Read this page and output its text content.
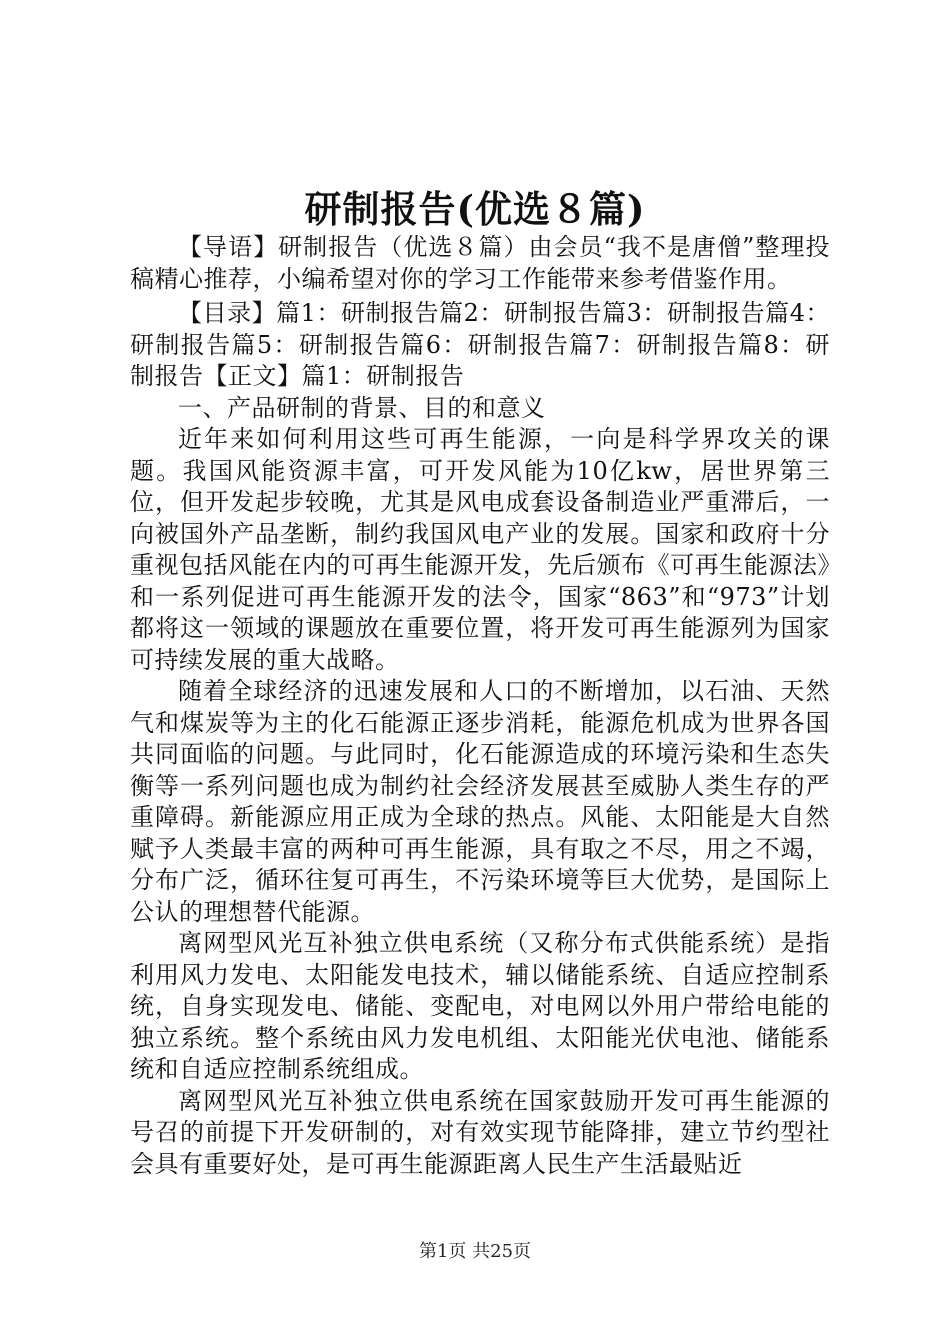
研制报告(优选８篇)

【导语】研制报告（优选８篇）由会员“我不是唐僧”整理投稿精心推荐，小编希望对你的学习工作能带来参考借鉴作用。

【目录】篇1：研制报告篇2：研制报告篇3：研制报告篇4：研制报告篇5：研制报告篇6：研制报告篇7：研制报告篇8：研制报告【正文】篇1：研制报告

一、产品研制的背景、目的和意义

近年来如何利用这些可再生能源，一向是科学界攻关的课题。我国风能资源丰富，可开发风能为10亿kw，居世界第三位，但开发起步较晚，尤其是风电成套设备制造业严重滞后，一向被国外产品垄断，制约我国风电产业的发展。国家和政府十分重视包括风能在内的可再生能源开发，先后颁布《可再生能源法》和一系列促进可再生能源开发的法令，国家“863”和“973”计划都将这一领域的课题放在重要位置，将开发可再生能源列为国家可持续发展的重大战略。

随着全球经济的迅速发展和人口的不断增加，以石油、天然气和煤炭等为主的化石能源正逐步消耗，能源危机成为世界各国共同面临的问题。与此同时，化石能源造成的环境污染和生态失衡等一系列问题也成为制约社会经济发展甚至威胁人类生存的严重障碍。新能源应用正成为全球的热点。风能、太阳能是大自然赋予人类最丰富的两种可再生能源，具有取之不尽，用之不竭，分布广泛，循环往复可再生，不污染环境等巨大优势，是国际上公认的理想替代能源。

离网型风光互补独立供电系统（又称分布式供能系统）是指利用风力发电、太阳能发电技术，辅以储能系统、自适应控制系统，自身实现发电、储能、变配电，对电网以外用户带给电能的独立系统。整个系统由风力发电机组、太阳能光伏电池、储能系统和自适应控制系统组成。

离网型风光互补独立供电系统在国家鼓励开发可再生能源的号召的前提下开发研制的，对有效实现节能降排，建立节约型社会具有重要好处，是可再生能源距离人民生产生活最贴近

第1页 共25页
